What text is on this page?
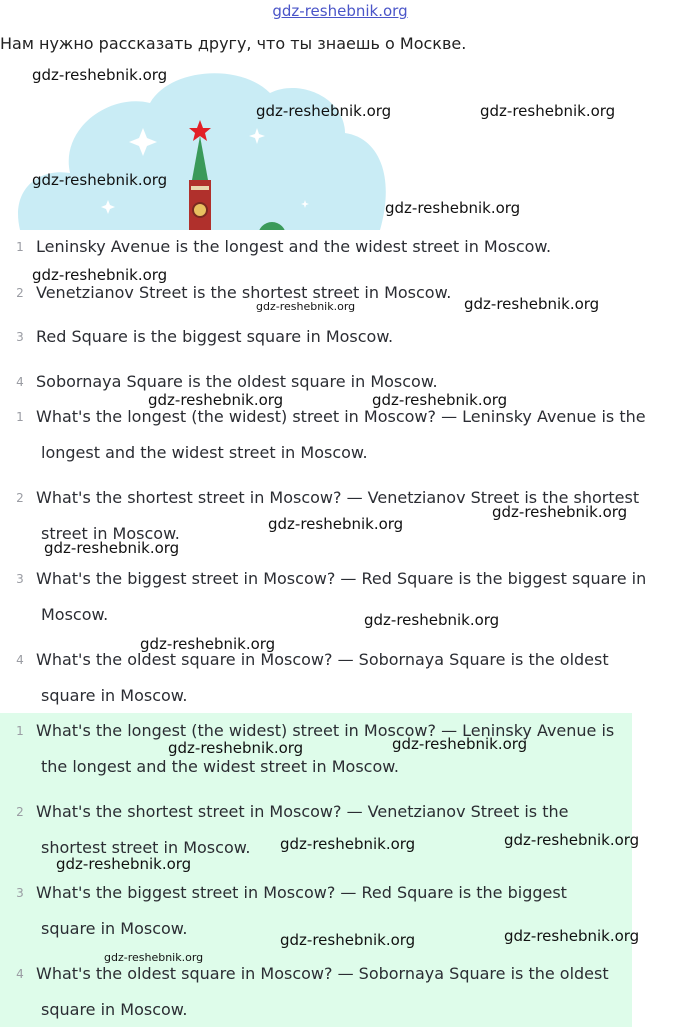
gdz-reshebnik.org
Нам нужно рассказать другу, что ты знаешь о Москве.
1 Leninsky Avenue is the longest and the widest street in Moscow.
2 Venetzianov Street is the shortest street in Moscow.
3 Red Square is the biggest square in Moscow.
4 Sobornaya Square is the oldest square in Moscow.
1 What's the longest (the widest) street in Moscow? — Leninsky Avenue is the
longest and the widest street in Moscow.
2 What's the shortest street in Moscow? — Venetzianov Street is the shortest
street in Moscow.
3 What's the biggest street in Moscow? — Red Square is the biggest square in
Moscow.
4 What's the oldest square in Moscow? — Sobornaya Square is the oldest
square in Moscow.
1 What's the longest (the widest) street in Moscow? — Leninsky Avenue is
the longest and the widest street in Moscow.
2 What's the shortest street in Moscow? — Venetzianov Street is the
shortest street in Moscow.
3 What's the biggest street in Moscow? — Red Square is the biggest
square in Moscow.
4 What's the oldest square in Moscow? — Sobornaya Square is the oldest
square in Moscow.
gdz-reshebnik.org
gdz-reshebnik.org	gdz-reshebnik.org
gdz-reshebnik.org
gdz-reshebnik.org
gdz-reshebnik.org
gdz-reshebnik.org	gdz-reshebnik.org
gdz-reshebnik.org	gdz-reshebnik.org
gdz-reshebnik.org
gdz-reshebnik.org
gdz-reshebnik.org
gdz-reshebnik.org
gdz-reshebnik.org
gdz-reshebnik.org	gdz-reshebnik.org
gdz-reshebnik.org	gdz-reshebnik.org
gdz-reshebnik.org
gdz-reshebnik.org	gdz-reshebnik.org
gdz-reshebnik.org
